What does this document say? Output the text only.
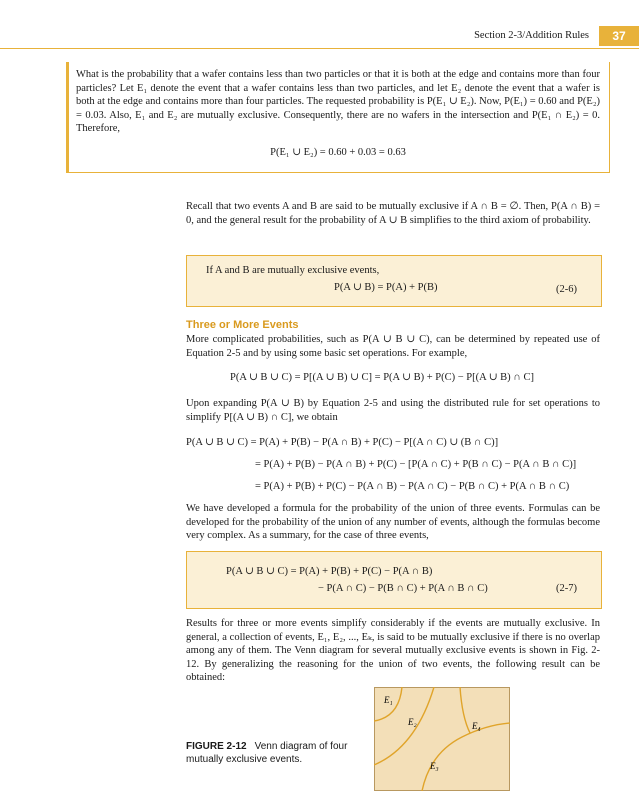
Section 2-3/Addition Rules	37
What is the probability that a wafer contains less than two particles or that it is both at the edge and contains more than four particles? Let E₁ denote the event that a wafer contains less than two particles, and let E₂ denote the event that a wafer is both at the edge and contains more than four particles. The requested probability is P(E₁ ∪ E₂). Now, P(E₁) = 0.60 and P(E₂) = 0.03. Also, E₁ and E₂ are mutually exclusive. Consequently, there are no wafers in the intersection and P(E₁ ∩ E₂) = 0. Therefore,
P(E₁ ∪ E₂) = 0.60 + 0.03 = 0.63
Recall that two events A and B are said to be mutually exclusive if A ∩ B = ∅. Then, P(A ∩ B) = 0, and the general result for the probability of A ∪ B simplifies to the third axiom of probability.
If A and B are mutually exclusive events,
P(A ∪ B) = P(A) + P(B)	(2-6)
Three or More Events
More complicated probabilities, such as P(A ∪ B ∪ C), can be determined by repeated use of Equation 2-5 and by using some basic set operations. For example,
P(A ∪ B ∪ C) = P[(A ∪ B) ∪ C] = P(A ∪ B) + P(C) − P[(A ∪ B) ∩ C]
Upon expanding P(A ∪ B) by Equation 2-5 and using the distributed rule for set operations to simplify P[(A ∪ B) ∩ C], we obtain
P(A ∪ B ∪ C) = P(A) + P(B) − P(A ∩ B) + P(C) − P[(A ∩ C) ∪ (B ∩ C)]
= P(A) + P(B) − P(A ∩ B) + P(C) − [P(A ∩ C) + P(B ∩ C) − P(A ∩ B ∩ C)]
= P(A) + P(B) + P(C) − P(A ∩ B) − P(A ∩ C) − P(B ∩ C) + P(A ∩ B ∩ C)
We have developed a formula for the probability of the union of three events. Formulas can be developed for the probability of the union of any number of events, although the formulas become very complex. As a summary, for the case of three events,
P(A ∪ B ∪ C) = P(A) + P(B) + P(C) − P(A ∩ B)
− P(A ∩ C) − P(B ∩ C) + P(A ∩ B ∩ C)	(2-7)
Results for three or more events simplify considerably if the events are mutually exclusive. In general, a collection of events, E₁, E₂, ..., Eₖ, is said to be mutually exclusive if there is no overlap among any of them. The Venn diagram for several mutually exclusive events is shown in Fig. 2-12. By generalizing the reasoning for the union of two events, the following result can be obtained:
FIGURE 2-12 Venn diagram of four mutually exclusive events.
E₁
E₂
E₃
E₄
